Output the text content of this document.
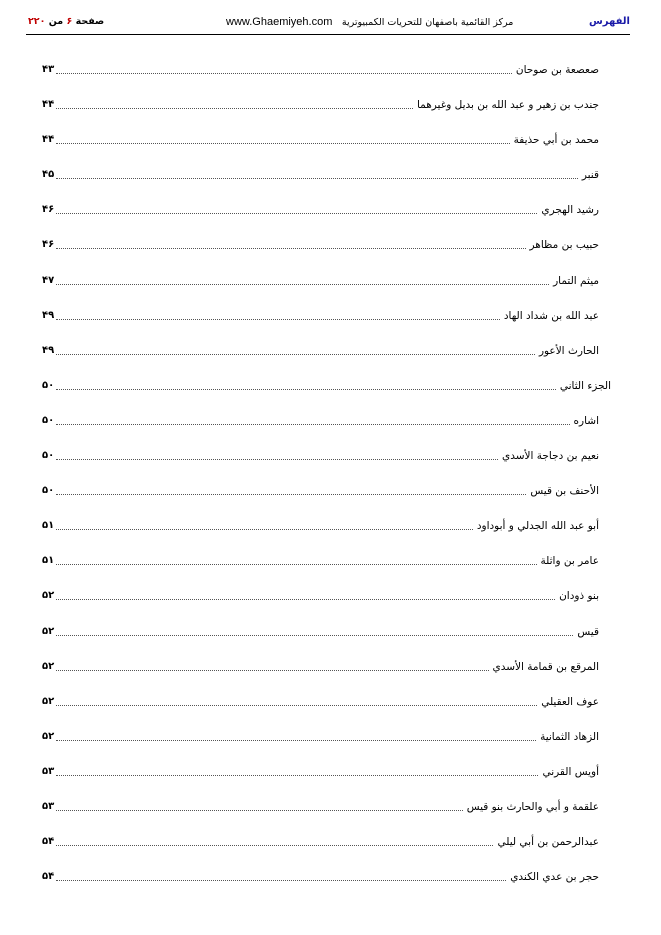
الفهرس
www.Ghaemiyeh.com مرکز القائمیة باصفهان للتحریات الکمبیوتریة
صفحة ۶ من ۲۲۰
صعصعة بن صوحان
۴۳
جندب بن زهير و عبد الله بن بديل وغيرهما
۴۴
محمد بن أبي حذيفة
۴۴
قنبر
۴۵
رشيد الهجري
۴۶
حبيب بن مظاهر
۴۶
ميثم التمار
۴۷
عبد الله بن شداد الهاد
۴۹
الحارث الأعور
۴۹
الجزء الثاني
۵۰
اشاره
۵۰
نعيم بن دجاجة الأسدي
۵۰
الأحنف بن قيس
۵۰
أبو عبد الله الجدلي و أبوداود
۵۱
عامر بن واثلة
۵۱
بنو ذودان
۵۲
قيس
۵۲
المرقع بن قمامة الأسدي
۵۲
عوف العقيلي
۵۲
الزهاد الثمانية
۵۲
أويس القرني
۵۳
علقمة و أبي والحارث بنو قيس
۵۳
عبدالرحمن بن أبي ليلي
۵۴
حجر بن عدي الكندي
۵۴
